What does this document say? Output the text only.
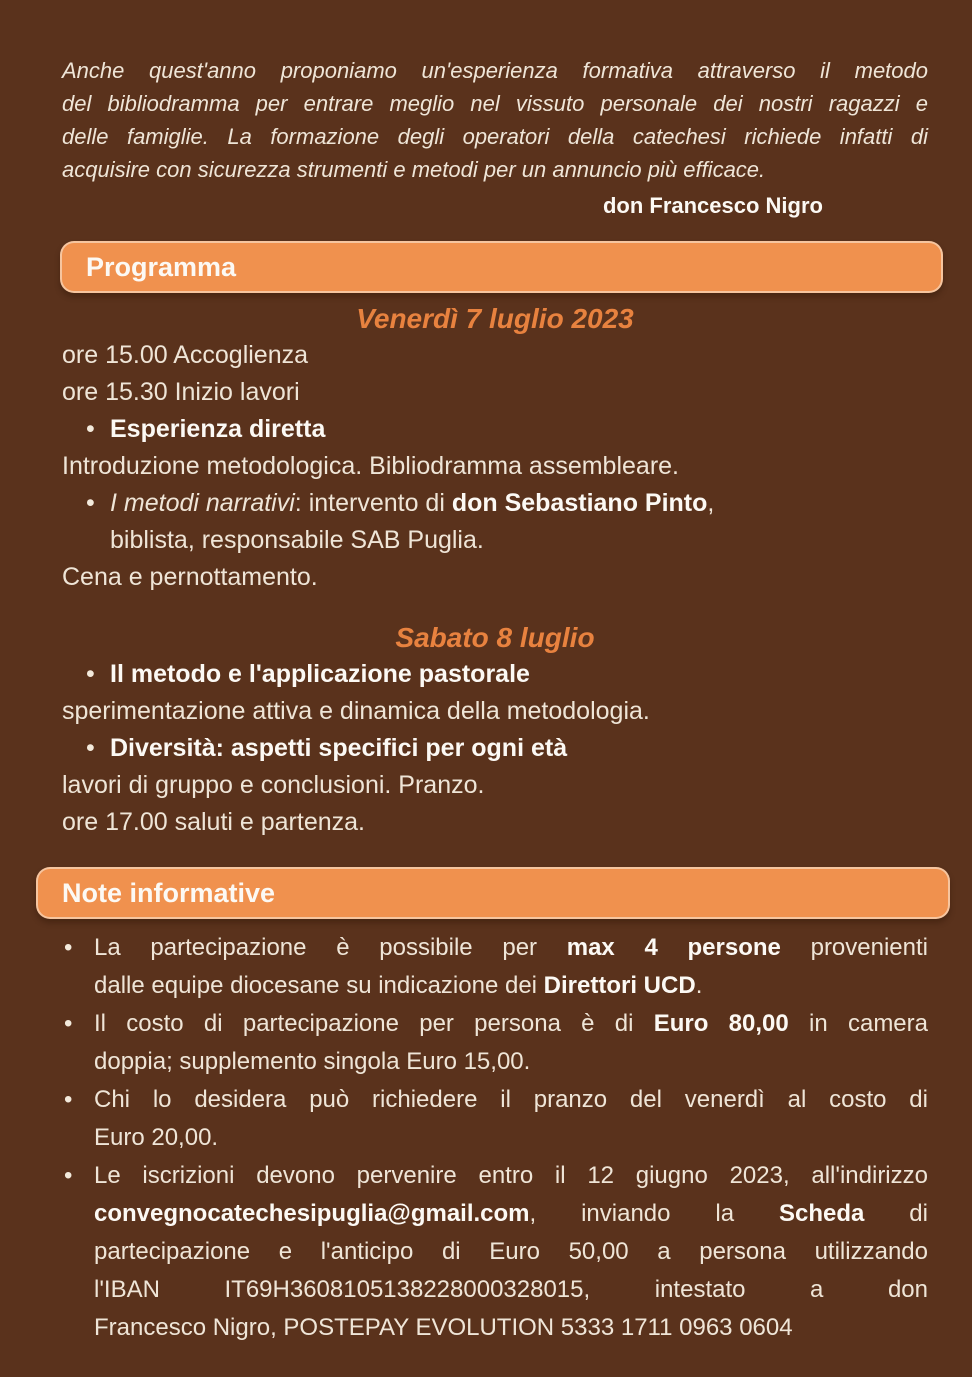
Anche quest'anno proponiamo un'esperienza formativa attraverso il metodo
del bibliodramma per entrare meglio nel vissuto personale dei nostri ragazzi e
delle famiglie. La formazione degli operatori della catechesi richiede infatti di
acquisire con sicurezza strumenti e metodi per un annuncio più efficace.
don Francesco Nigro
Programma
Venerdì 7 luglio 2023
ore 15.00 Accoglienza
ore 15.30 Inizio lavori
• Esperienza diretta
Introduzione metodologica. Bibliodramma assembleare.
• I metodi narrativi: intervento di don Sebastiano Pinto,
biblista, responsabile SAB Puglia.
Cena e pernottamento.
Sabato 8 luglio
• Il metodo e l'applicazione pastorale
sperimentazione attiva e dinamica della metodologia.
• Diversità: aspetti specifici per ogni età
lavori di gruppo e conclusioni. Pranzo.
ore 17.00 saluti e partenza.
Note informative
• La partecipazione è possibile per max 4 persone provenienti
dalle equipe diocesane su indicazione dei Direttori UCD.
• Il costo di partecipazione per persona è di Euro 80,00 in camera
doppia; supplemento singola Euro 15,00.
• Chi lo desidera può richiedere il pranzo del venerdì al costo di
Euro 20,00.
• Le iscrizioni devono pervenire entro il 12 giugno 2023, all'indirizzo
convegnocatechesipuglia@gmail.com, inviando la Scheda di
partecipazione e l'anticipo di Euro 50,00 a persona utilizzando
l'IBAN IT69H3608105138228000328015, intestato a don
Francesco Nigro, POSTEPAY EVOLUTION 5333 1711 0963 0604
